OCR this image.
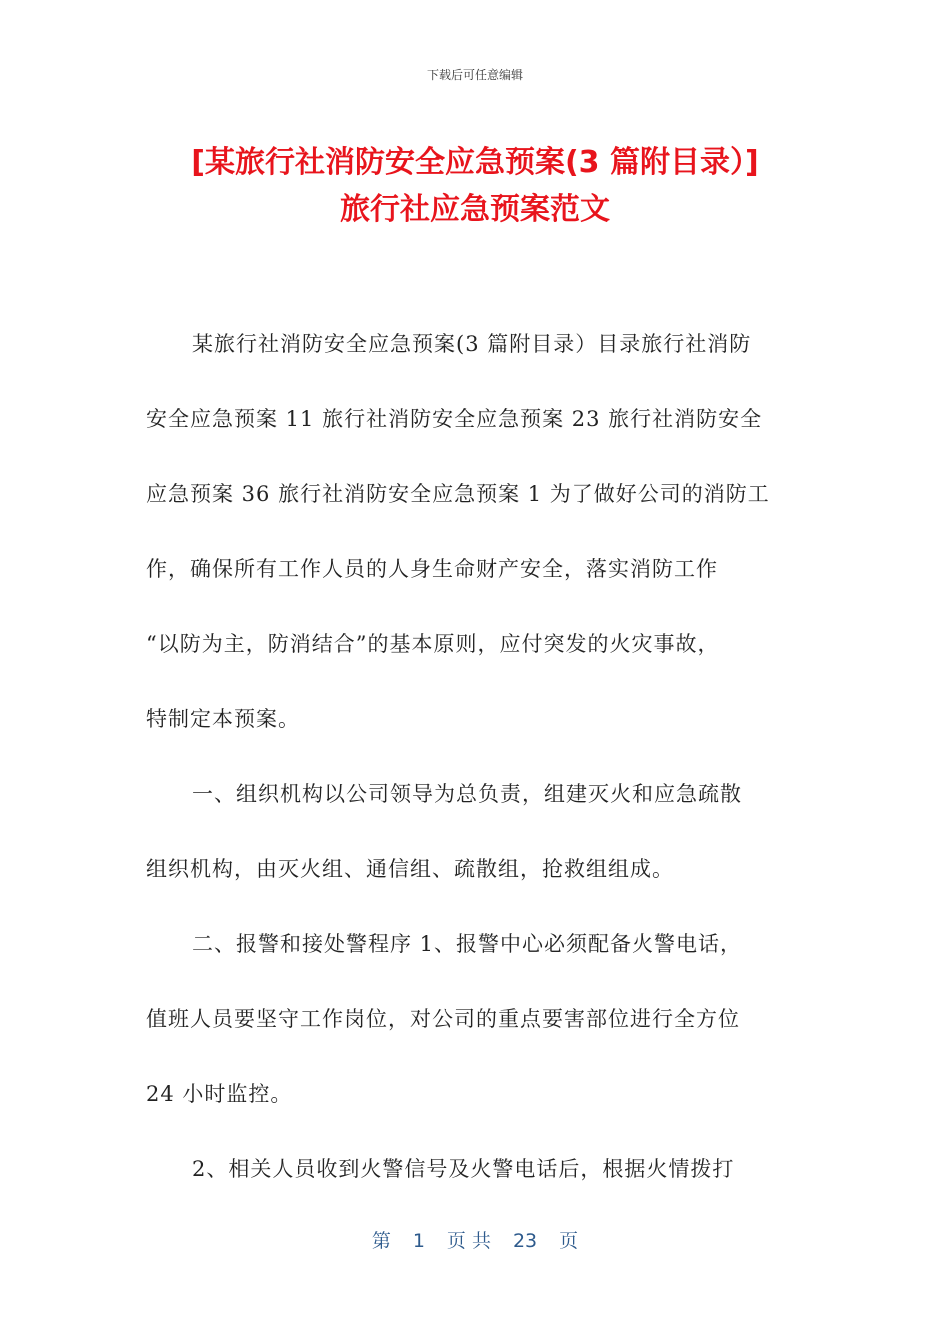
下载后可任意编辑
[某旅行社消防安全应急预案(3 篇附目录）]
旅行社应急预案范文
某旅行社消防安全应急预案(3 篇附目录）目录旅行社消防
安全应急预案 11 旅行社消防安全应急预案 23 旅行社消防安全
应急预案 36 旅行社消防安全应急预案 1 为了做好公司的消防工
作，确保所有工作人员的人身生命财产安全，落实消防工作
“以防为主，防消结合”的基本原则，应付突发的火灾事故，
特制定本预案。
一、组织机构以公司领导为总负责，组建灭火和应急疏散
组织机构，由灭火组、通信组、疏散组，抢救组组成。
二、报警和接处警程序 1、报警中心必须配备火警电话，
值班人员要坚守工作岗位，对公司的重点要害部位进行全方位
24 小时监控。
2、相关人员收到火警信号及火警电话后，根据火情拨打
第 1 页 共 23 页
